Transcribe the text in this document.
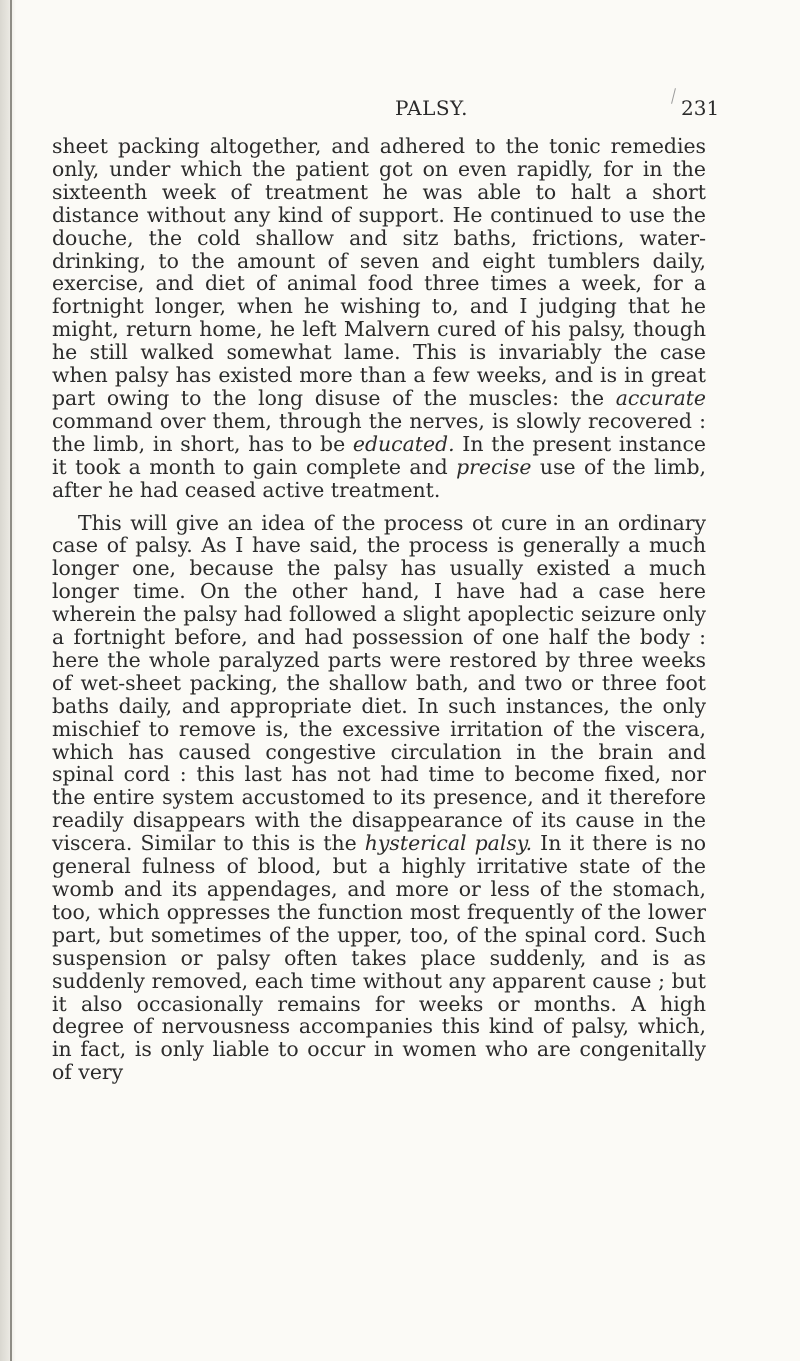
PALSY.	231

sheet packing altogether, and adhered to the tonic remedies only, under which the patient got on even rapidly, for in the sixteenth week of treatment he was able to halt a short distance without any kind of support. He continued to use the douche, the cold shallow and sitz baths, frictions, water-drinking, to the amount of seven and eight tumblers daily, exercise, and diet of animal food three times a week, for a fortnight longer, when he wishing to, and I judging that he might, return home, he left Malvern cured of his palsy, though he still walked somewhat lame. This is invariably the case when palsy has existed more than a few weeks, and is in great part owing to the long disuse of the muscles: the accurate command over them, through the nerves, is slowly recovered : the limb, in short, has to be educated. In the present instance it took a month to gain complete and precise use of the limb, after he had ceased active treatment.

This will give an idea of the process ot cure in an ordinary case of palsy. As I have said, the process is generally a much longer one, because the palsy has usually existed a much longer time. On the other hand, I have had a case here wherein the palsy had followed a slight apoplectic seizure only a fortnight before, and had possession of one half the body : here the whole paralyzed parts were restored by three weeks of wet-sheet packing, the shallow bath, and two or three foot baths daily, and appropriate diet. In such instances, the only mischief to remove is, the excessive irritation of the viscera, which has caused congestive circulation in the brain and spinal cord : this last has not had time to become fixed, nor the entire system accustomed to its presence, and it therefore readily disappears with the disappearance of its cause in the viscera. Similar to this is the hysterical palsy. In it there is no general fulness of blood, but a highly irritative state of the womb and its appendages, and more or less of the stomach, too, which oppresses the function most frequently of the lower part, but sometimes of the upper, too, of the spinal cord. Such suspension or palsy often takes place suddenly, and is as suddenly removed, each time without any apparent cause ; but it also occasionally remains for weeks or months. A high degree of nervousness accompanies this kind of palsy, which, in fact, is only liable to occur in women who are congenitally of very
